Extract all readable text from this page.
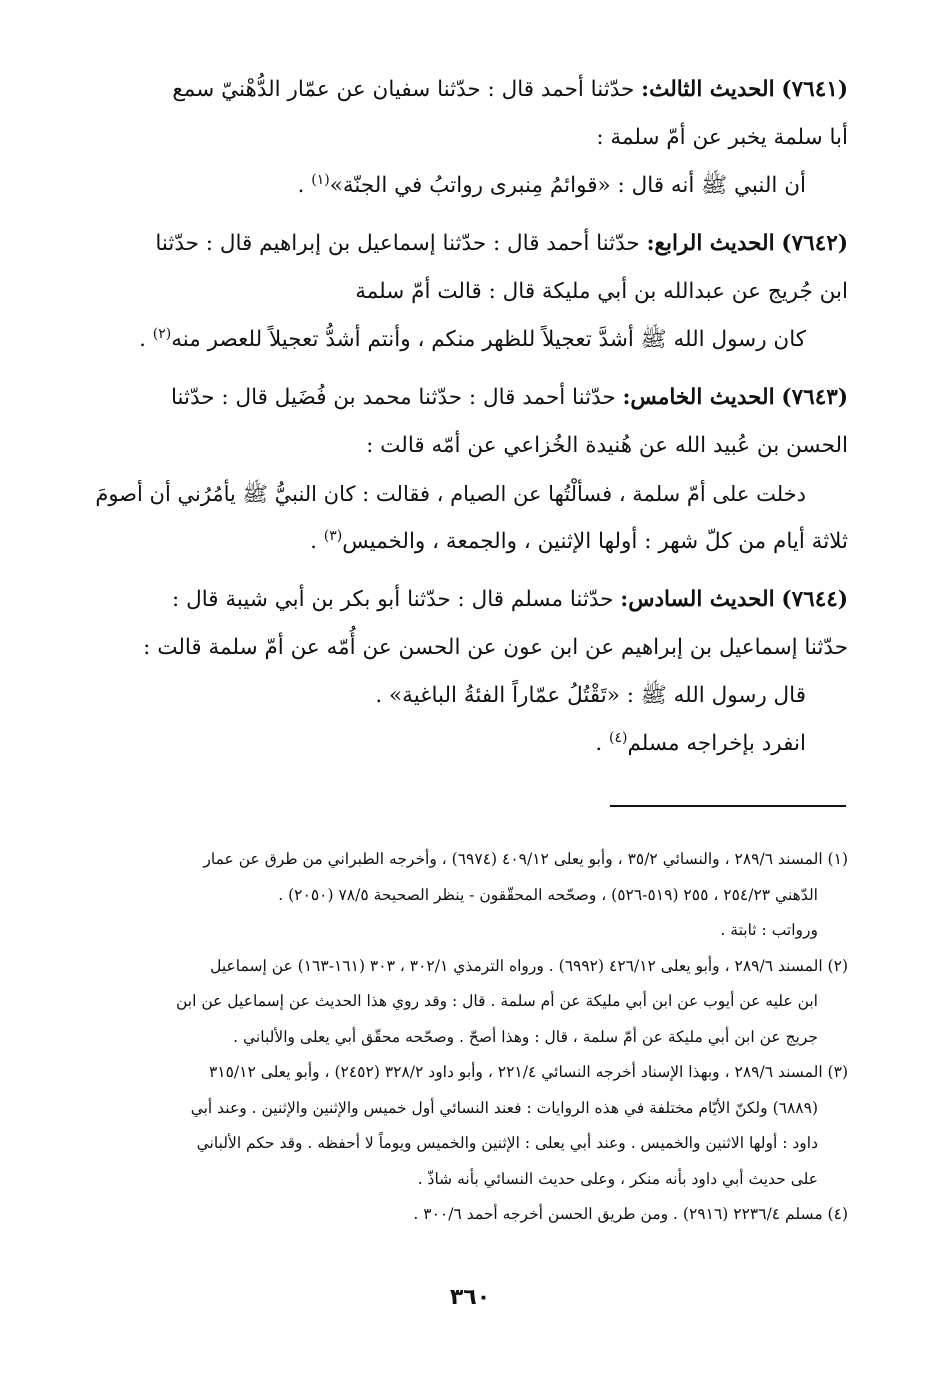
(٧٦٤١) الحديث الثالث: حدّثنا أحمد قال : حدّثنا سفيان عن عمّار الدُّهْنيّ سمع
أبا سلمة يخبر عن أمّ سلمة :
أن النبي ﷺ أنه قال : «قوائمُ مِنبرى رواتبُ في الجنّة»$^{(١)}$ .
(٧٦٤٢) الحديث الرابع: حدّثنا أحمد قال : حدّثنا إسماعيل بن إبراهيم قال : حدّثنا
ابن جُريج عن عبدالله بن أبي مليكة قال : قالت أمّ سلمة
كان رسول الله ﷺ أشدَّ تعجيلاً للظهر منكم ، وأنتم أشدُّ تعجيلاً للعصر منه$^{(٢)}$ .
(٧٦٤٣) الحديث الخامس: حدّثنا أحمد قال : حدّثنا محمد بن فُضَيل قال : حدّثنا
الحسن بن عُبيد الله عن هُنيدة الخُزاعي عن أمّه قالت :
دخلت على أمّ سلمة ، فسألْتُها عن الصيام ، فقالت : كان النبيُّ ﷺ يأمُرُني أن أصومَ
ثلاثة أيام من كلّ شهر : أولها الإثنين ، والجمعة ، والخميس$^{(٣)}$ .
(٧٦٤٤) الحديث السادس: حدّثنا مسلم قال : حدّثنا أبو بكر بن أبي شيبة قال :
حدّثنا إسماعيل بن إبراهيم عن ابن عون عن الحسن عن أُمّه عن أمّ سلمة قالت :
قال رسول الله ﷺ : «تَقْتُلُ عمّاراً الفئةُ الباغية» .
انفرد بإخراجه مسلم$^{(٤)}$ .
(١) المسند ٢٨٩/٦ ، والنسائي ٣٥/٢ ، وأبو يعلى ٤٠٩/١٢ (٦٩٧٤) ، وأخرجه الطبراني من طرق عن عمار
الدّهني ٢٥٤/٢٣ ، ٢٥٥ (٥١٩-٥٢٦) ، وصحّحه المحقّقون - ينظر الصحيحة ٧٨/٥ (٢٠٥٠) .
ورواتب : ثابتة .
(٢) المسند ٢٨٩/٦ ، وأبو يعلى ٤٢٦/١٢ (٦٩٩٢) . ورواه الترمذي ٣٠٢/١ ، ٣٠٣ (١٦١-١٦٣) عن إسماعيل
ابن عليه عن أيوب عن ابن أبي مليكة عن أم سلمة . قال : وقد روي هذا الحديث عن إسماعيل عن ابن
جريج عن ابن أبي مليكة عن أمّ سلمة ، قال : وهذا أصحّ . وصحّحه محقّق أبي يعلى والألباني .
(٣) المسند ٢٨٩/٦ ، وبهذا الإسناد أخرجه النسائي ٢٢١/٤ ، وأبو داود ٣٢٨/٢ (٢٤٥٢) ، وأبو يعلى ٣١٥/١٢
(٦٨٨٩) ولكنّ الأيّام مختلفة في هذه الروايات : فعند النسائي أول خميس والإثنين والإثنين . وعند أبي
داود : أولها الاثنين والخميس . وعند أبي يعلى : الإثنين والخميس ويوماً لا أحفظه . وقد حكم الألباني
على حديث أبي داود بأنه منكر ، وعلى حديث النسائي بأنه شاذّ .
(٤) مسلم ٢٢٣٦/٤ (٢٩١٦) . ومن طريق الحسن أخرجه أحمد ٣٠٠/٦ .
٣٦٠
